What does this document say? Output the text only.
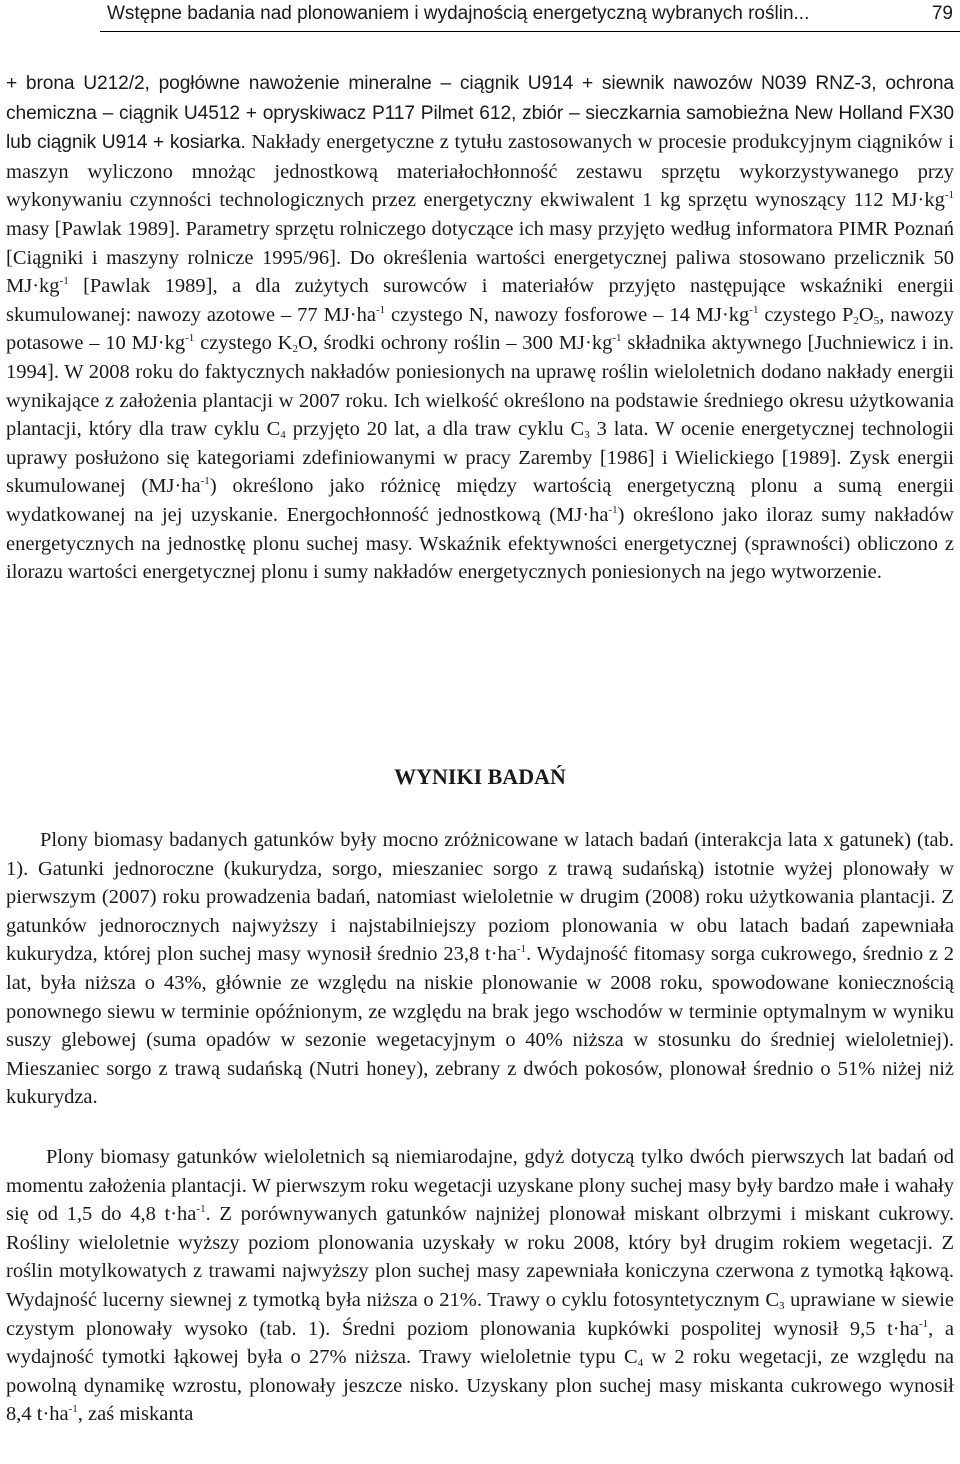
Wstępne badania nad plonowaniem i wydajnością energetyczną wybranych roślin...	79

+ brona U212/2, pogłówne nawożenie mineralne – ciągnik U914 + siewnik nawozów N039 RNZ-3, ochrona chemiczna – ciągnik U4512 + opryskiwacz P117 Pilmet 612, zbiór – sieczkarnia samobieżna New Holland FX30 lub ciągnik U914 + kosiarka. Nakłady energetyczne z tytułu zastosowanych w procesie produkcyjnym ciągników i maszyn wyliczono mnożąc jednostkową materiałochłonność zestawu sprzętu wykorzystywanego przy wykonywaniu czynności technologicznych przez energetyczny ekwiwalent 1 kg sprzętu wynoszący 112 $MJ\cdot kg^{-1}$ masy [Pawlak 1989]. Parametry sprzętu rolniczego dotyczące ich masy przyjęto według informatora PIMR Poznań [Ciągniki i maszyny rolnicze 1995/96]. Do określenia wartości energetycznej paliwa stosowano przelicznik 50 $MJ\cdot kg^{-1}$ [Pawlak 1989], a dla zużytych surowców i materiałów przyjęto następujące wskaźniki energii skumulowanej: nawozy azotowe – 77 $MJ\cdot ha^{-1}$ czystego N, nawozy fosforowe – 14 $MJ\cdot kg^{-1}$ czystego $P_2O_5$, nawozy potasowe – 10 $MJ\cdot kg^{-1}$ czystego $K_2O$, środki ochrony roślin – 300 $MJ\cdot kg^{-1}$ składnika aktywnego [Juchniewicz i in. 1994]. W 2008 roku do faktycznych nakładów poniesionych na uprawę roślin wieloletnich dodano nakłady energii wynikające z założenia plantacji w 2007 roku. Ich wielkość określono na podstawie średniego okresu użytkowania plantacji, który dla traw cyklu $C_4$ przyjęto 20 lat, a dla traw cyklu $C_3$ 3 lata. W ocenie energetycznej technologii uprawy posłużono się kategoriami zdefiniowanymi w pracy Zaremby [1986] i Wielickiego [1989]. Zysk energii skumulowanej $(MJ\cdot ha^{-1})$ określono jako różnicę między wartością energetyczną plonu a sumą energii wydatkowanej na jej uzyskanie. Energochłonność jednostkową $(MJ\cdot ha^{-1})$ określono jako iloraz sumy nakładów energetycznych na jednostkę plonu suchej masy. Wskaźnik efektywności energetycznej (sprawności) obliczono z ilorazu wartości energetycznej plonu i sumy nakładów energetycznych poniesionych na jego wytworzenie.

WYNIKI BADAŃ

Plony biomasy badanych gatunków były mocno zróżnicowane w latach badań (interakcja lata x gatunek) (tab. 1). Gatunki jednoroczne (kukurydza, sorgo, mieszaniec sorgo z trawą sudańską) istotnie wyżej plonowały w pierwszym (2007) roku prowadzenia badań, natomiast wieloletnie w drugim (2008) roku użytkowania plantacji. Z gatunków jednorocznych najwyższy i najstabilniejszy poziom plonowania w obu latach badań zapewniała kukurydza, której plon suchej masy wynosił średnio 23,8 $t\cdot ha^{-1}$. Wydajność fitomasy sorga cukrowego, średnio z 2 lat, była niższa o 43%, głównie ze względu na niskie plonowanie w 2008 roku, spowodowane koniecznością ponownego siewu w terminie opóźnionym, ze względu na brak jego wschodów w terminie optymalnym w wyniku suszy glebowej (suma opadów w sezonie wegetacyjnym o 40% niższa w stosunku do średniej wieloletniej). Mieszaniec sorgo z trawą sudańską (Nutri honey), zebrany z dwóch pokosów, plonował średnio o 51% niżej niż kukurydza.

Plony biomasy gatunków wieloletnich są niemiarodajne, gdyż dotyczą tylko dwóch pierwszych lat badań od momentu założenia plantacji. W pierwszym roku wegetacji uzyskane plony suchej masy były bardzo małe i wahały się od 1,5 do 4,8 $t\cdot ha^{-1}$. Z porównywanych gatunków najniżej plonował miskant olbrzymi i miskant cukrowy. Rośliny wieloletnie wyższy poziom plonowania uzyskały w roku 2008, który był drugim rokiem wegetacji. Z roślin motylkowatych z trawami najwyższy plon suchej masy zapewniała koniczyna czerwona z tymotką łąkową. Wydajność lucerny siewnej z tymotką była niższa o 21%. Trawy o cyklu fotosyntetycznym $C_3$ uprawiane w siewie czystym plonowały wysoko (tab. 1). Średni poziom plonowania kupkówki pospolitej wynosił 9,5 $t\cdot ha^{-1}$, a wydajność tymotki łąkowej była o 27% niższa. Trawy wieloletnie typu $C_4$ w 2 roku wegetacji, ze względu na powolną dynamikę wzrostu, plonowały jeszcze nisko. Uzyskany plon suchej masy miskanta cukrowego wynosił 8,4 $t\cdot ha^{-1}$, zaś miskanta
